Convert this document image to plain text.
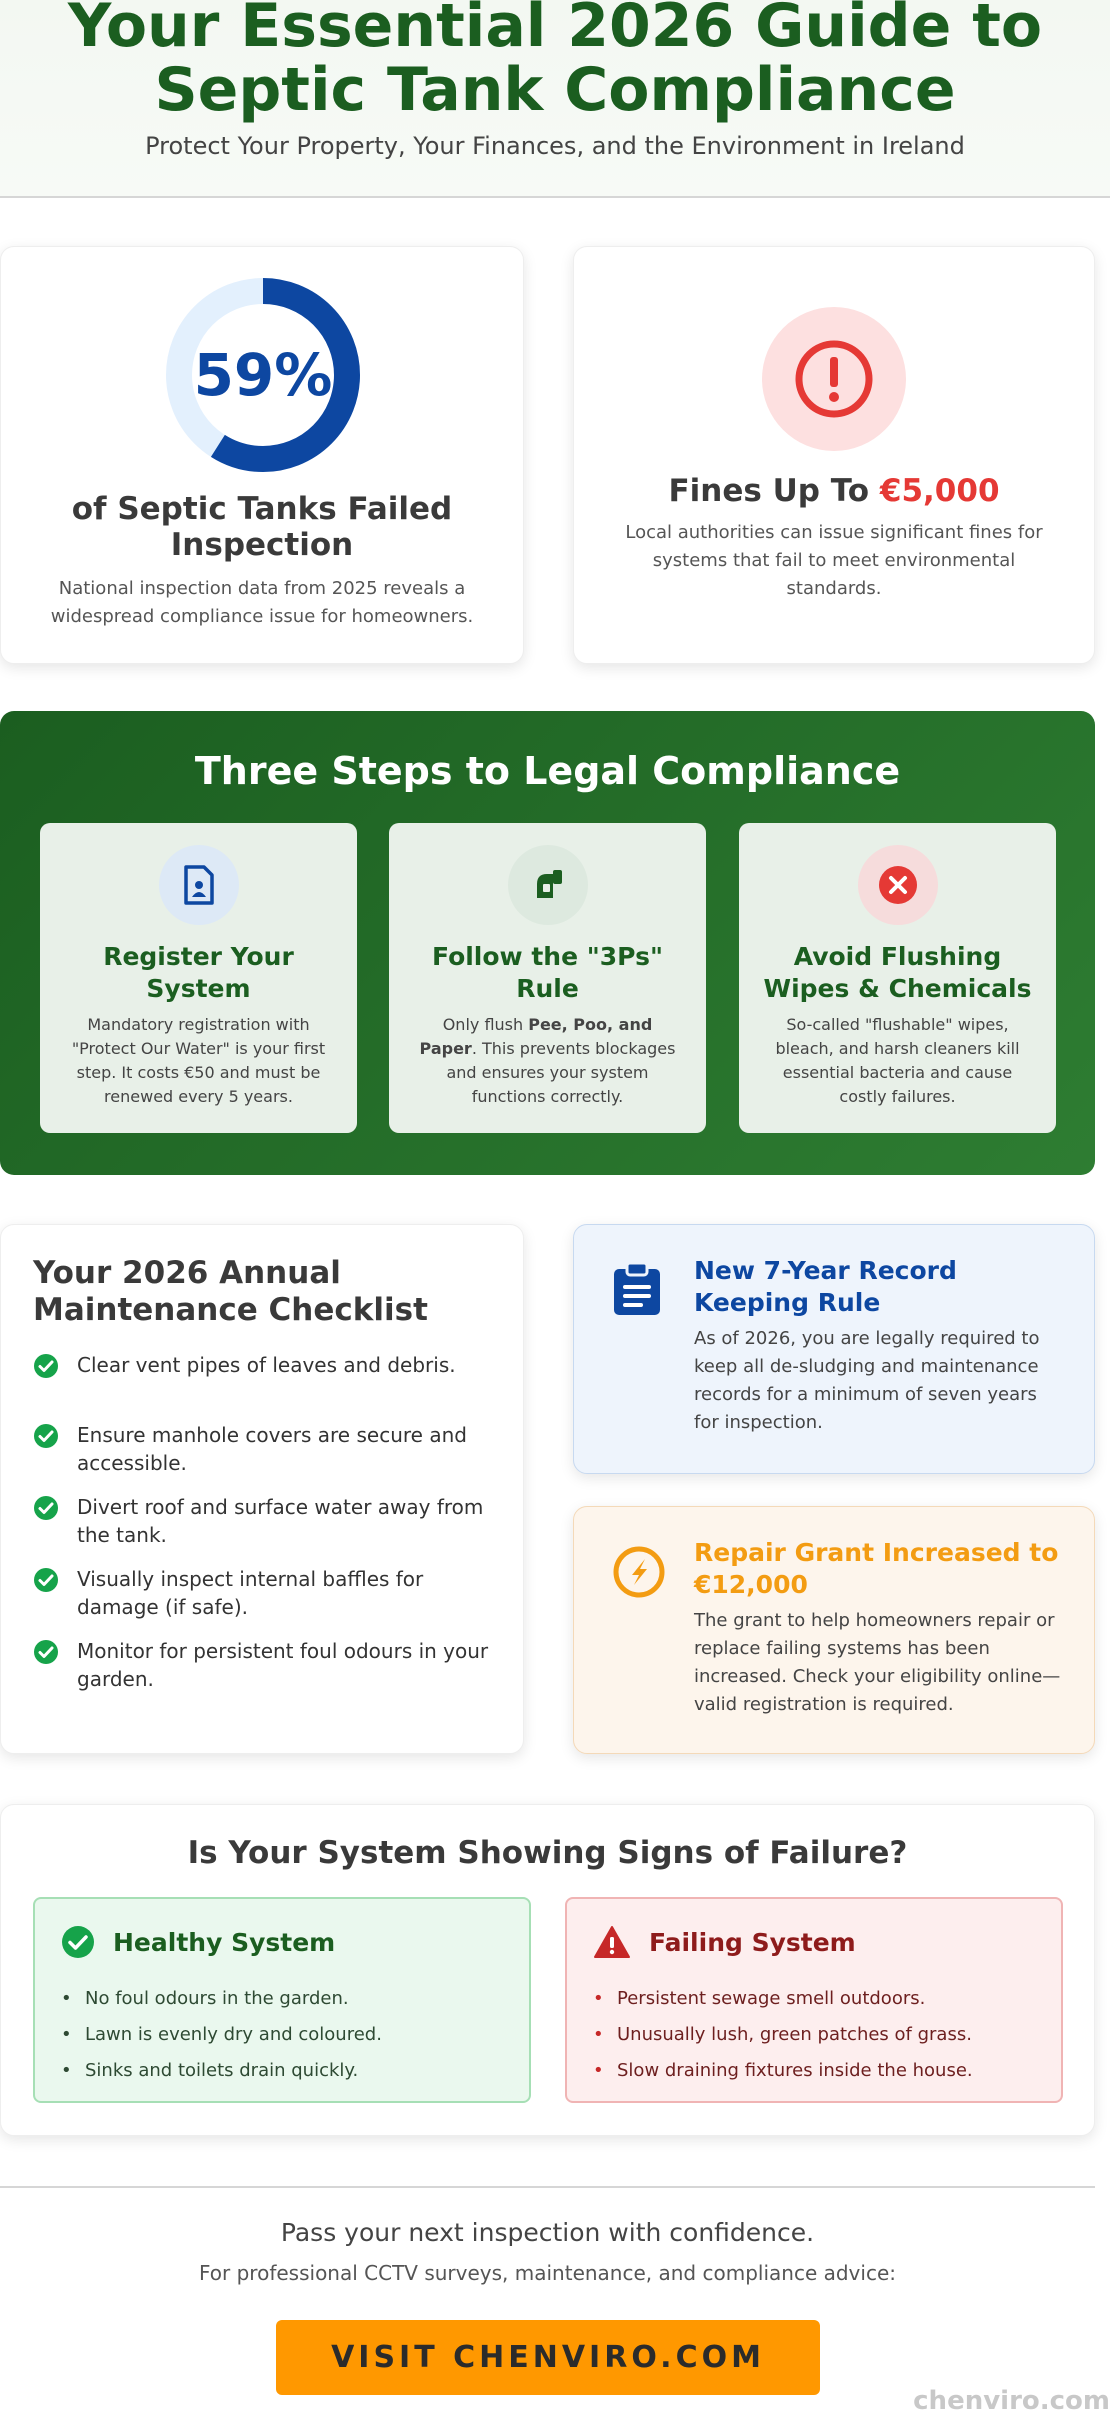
Your Essential 2026 Guide to
Septic Tank Compliance
Protect Your Property, Your Finances, and the Environment in Ireland
59%
of Septic Tanks Failed Inspection
National inspection data from 2025 reveals a widespread compliance issue for homeowners.
Fines Up To €5,000
Local authorities can issue significant fines for systems that fail to meet environmental standards.
Three Steps to Legal Compliance
Register Your System
Mandatory registration with "Protect Our Water" is your first step. It costs €50 and must be renewed every 5 years.
Follow the "3Ps" Rule
Only flush Pee, Poo, and Paper. This prevents blockages and ensures your system functions correctly.
Avoid Flushing Wipes & Chemicals
So-called "flushable" wipes, bleach, and harsh cleaners kill essential bacteria and cause costly failures.
Your 2026 Annual Maintenance Checklist
Clear vent pipes of leaves and debris.
Ensure manhole covers are secure and accessible.
Divert roof and surface water away from the tank.
Visually inspect internal baffles for damage (if safe).
Monitor for persistent foul odours in your garden.
New 7-Year Record Keeping Rule
As of 2026, you are legally required to keep all de-sludging and maintenance records for a minimum of seven years for inspection.
Repair Grant Increased to €12,000
The grant to help homeowners repair or replace failing systems has been increased. Check your eligibility online—valid registration is required.
Is Your System Showing Signs of Failure?
Healthy System
• No foul odours in the garden.
• Lawn is evenly dry and coloured.
• Sinks and toilets drain quickly.
Failing System
• Persistent sewage smell outdoors.
• Unusually lush, green patches of grass.
• Slow draining fixtures inside the house.
Pass your next inspection with confidence.
For professional CCTV surveys, maintenance, and compliance advice:
VISIT CHENVIRO.COM
chenviro.com
